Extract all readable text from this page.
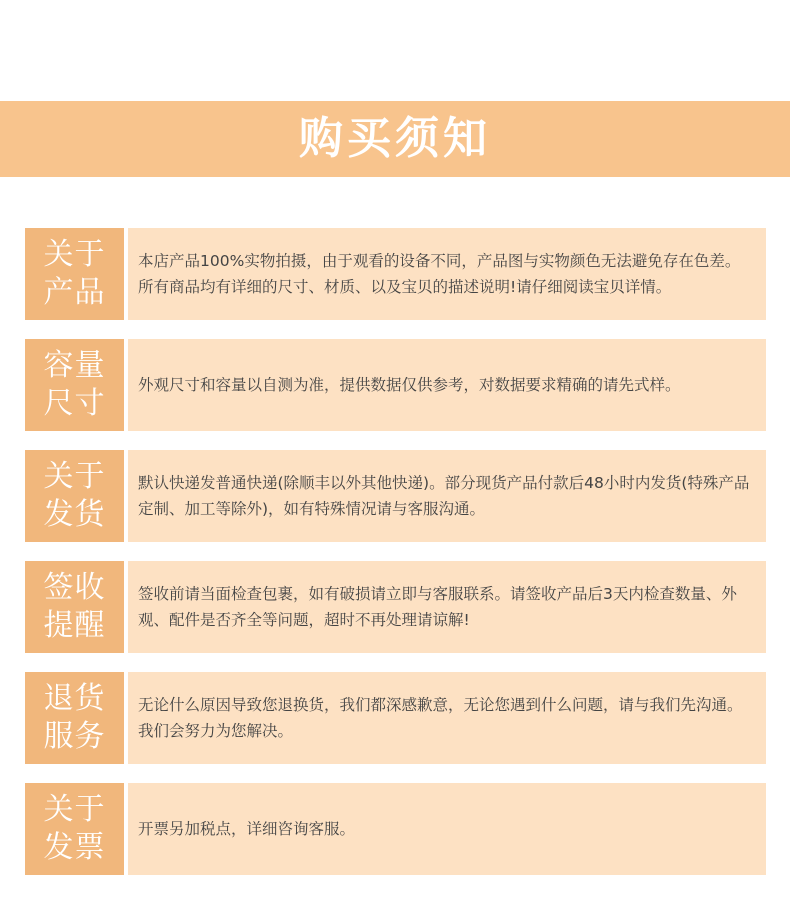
购买须知
关于
产品

本店产品100%实物拍摄，由于观看的设备不同，产品图与实物颜色无法避免存在色差。所有商品均有详细的尺寸、材质、以及宝贝的描述说明!请仔细阅读宝贝详情。

容量
尺寸

外观尺寸和容量以自测为准，提供数据仅供参考，对数据要求精确的请先式样。

关于
发货

默认快递发普通快递(除顺丰以外其他快递)。部分现货产品付款后48小时内发货(特殊产品定制、加工等除外)，如有特殊情况请与客服沟通。

签收
提醒

签收前请当面检查包裹，如有破损请立即与客服联系。请签收产品后3天内检查数量、外观、配件是否齐全等问题，超时不再处理请谅解!

退货
服务

无论什么原因导致您退换货，我们都深感歉意，无论您遇到什么问题，请与我们先沟通。我们会努力为您解决。

关于
发票

开票另加税点，详细咨询客服。
